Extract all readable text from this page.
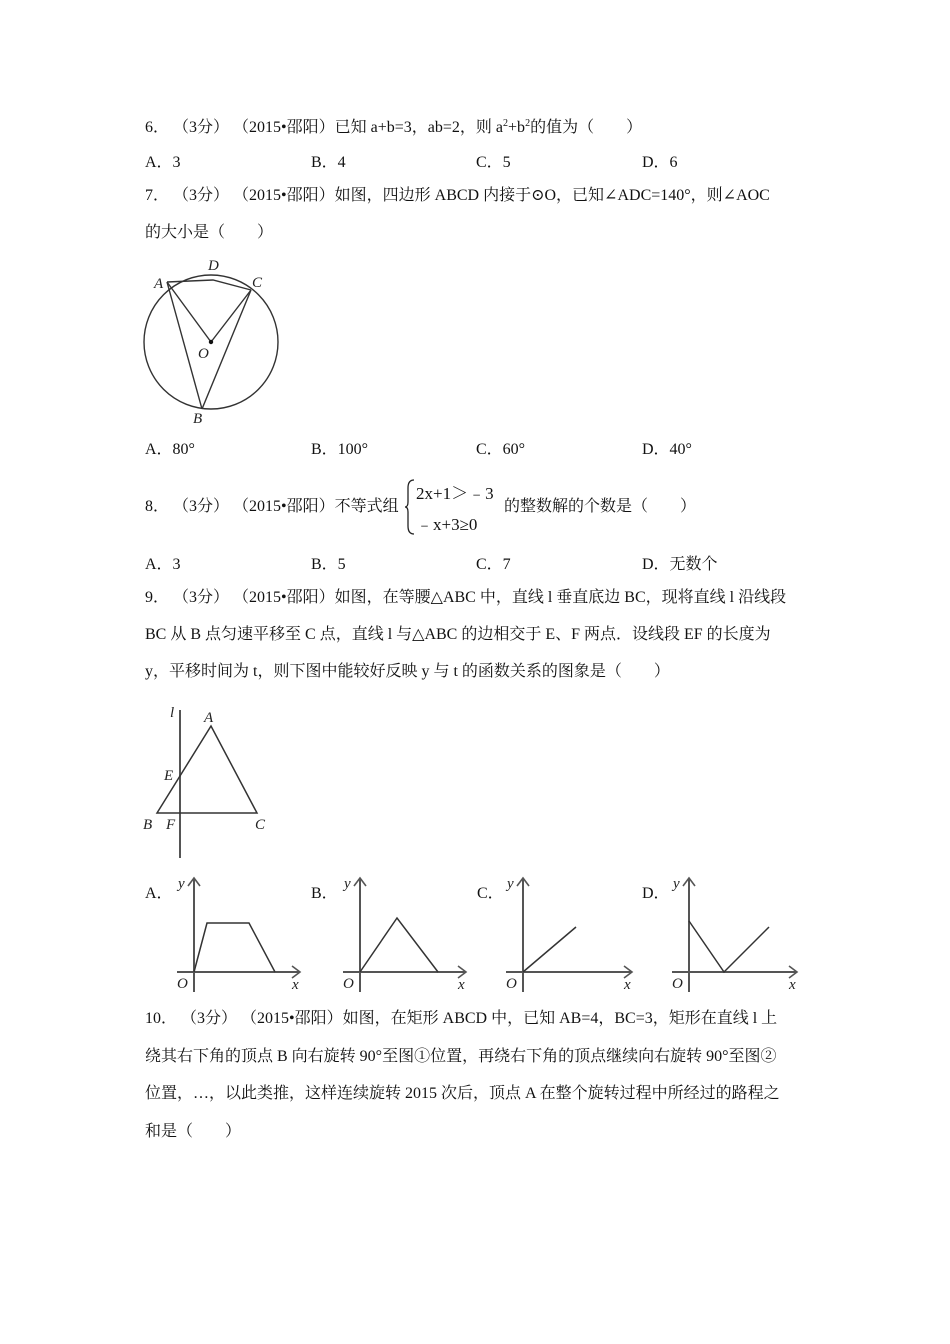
6． （3分） （2015•邵阳）已知 a+b=3，ab=2，则 $a^2+b^2$的值为（　　）
A．3	B．4	C．5	D．6
7． （3分） （2015•邵阳）如图，四边形 ABCD 内接于⊙O，已知∠ADC=140°，则∠AOC
的大小是（　　）
A
B
C
D
O
A．80°	B．100°	C．60°	D．40°
8． （3分） （2015•邵阳）不等式组
2x+1＞﹣3
﹣x+3≥0
的整数解的个数是（　　）
A．3	B．5	C．7	D．无数个
9． （3分） （2015•邵阳）如图，在等腰△ABC 中，直线 l 垂直底边 BC，现将直线 l 沿线段
BC 从 B 点匀速平移至 C 点，直线 l 与△ABC 的边相交于 E、F 两点．设线段 EF 的长度为
y，平移时间为 t，则下图中能较好反映 y 与 t 的函数关系的图象是（　　）
l A
E
B F	C
A．
y
x
O
B．
y
x
O
C．
y
x
O
D．
y
x
O
10． （3分） （2015•邵阳）如图，在矩形 ABCD 中，已知 AB=4，BC=3，矩形在直线 l 上
绕其右下角的顶点 B 向右旋转 90°至图①位置，再绕右下角的顶点继续向右旋转 90°至图②
位置，…，以此类推，这样连续旋转 2015 次后，顶点 A 在整个旋转过程中所经过的路程之
和是（　　）
